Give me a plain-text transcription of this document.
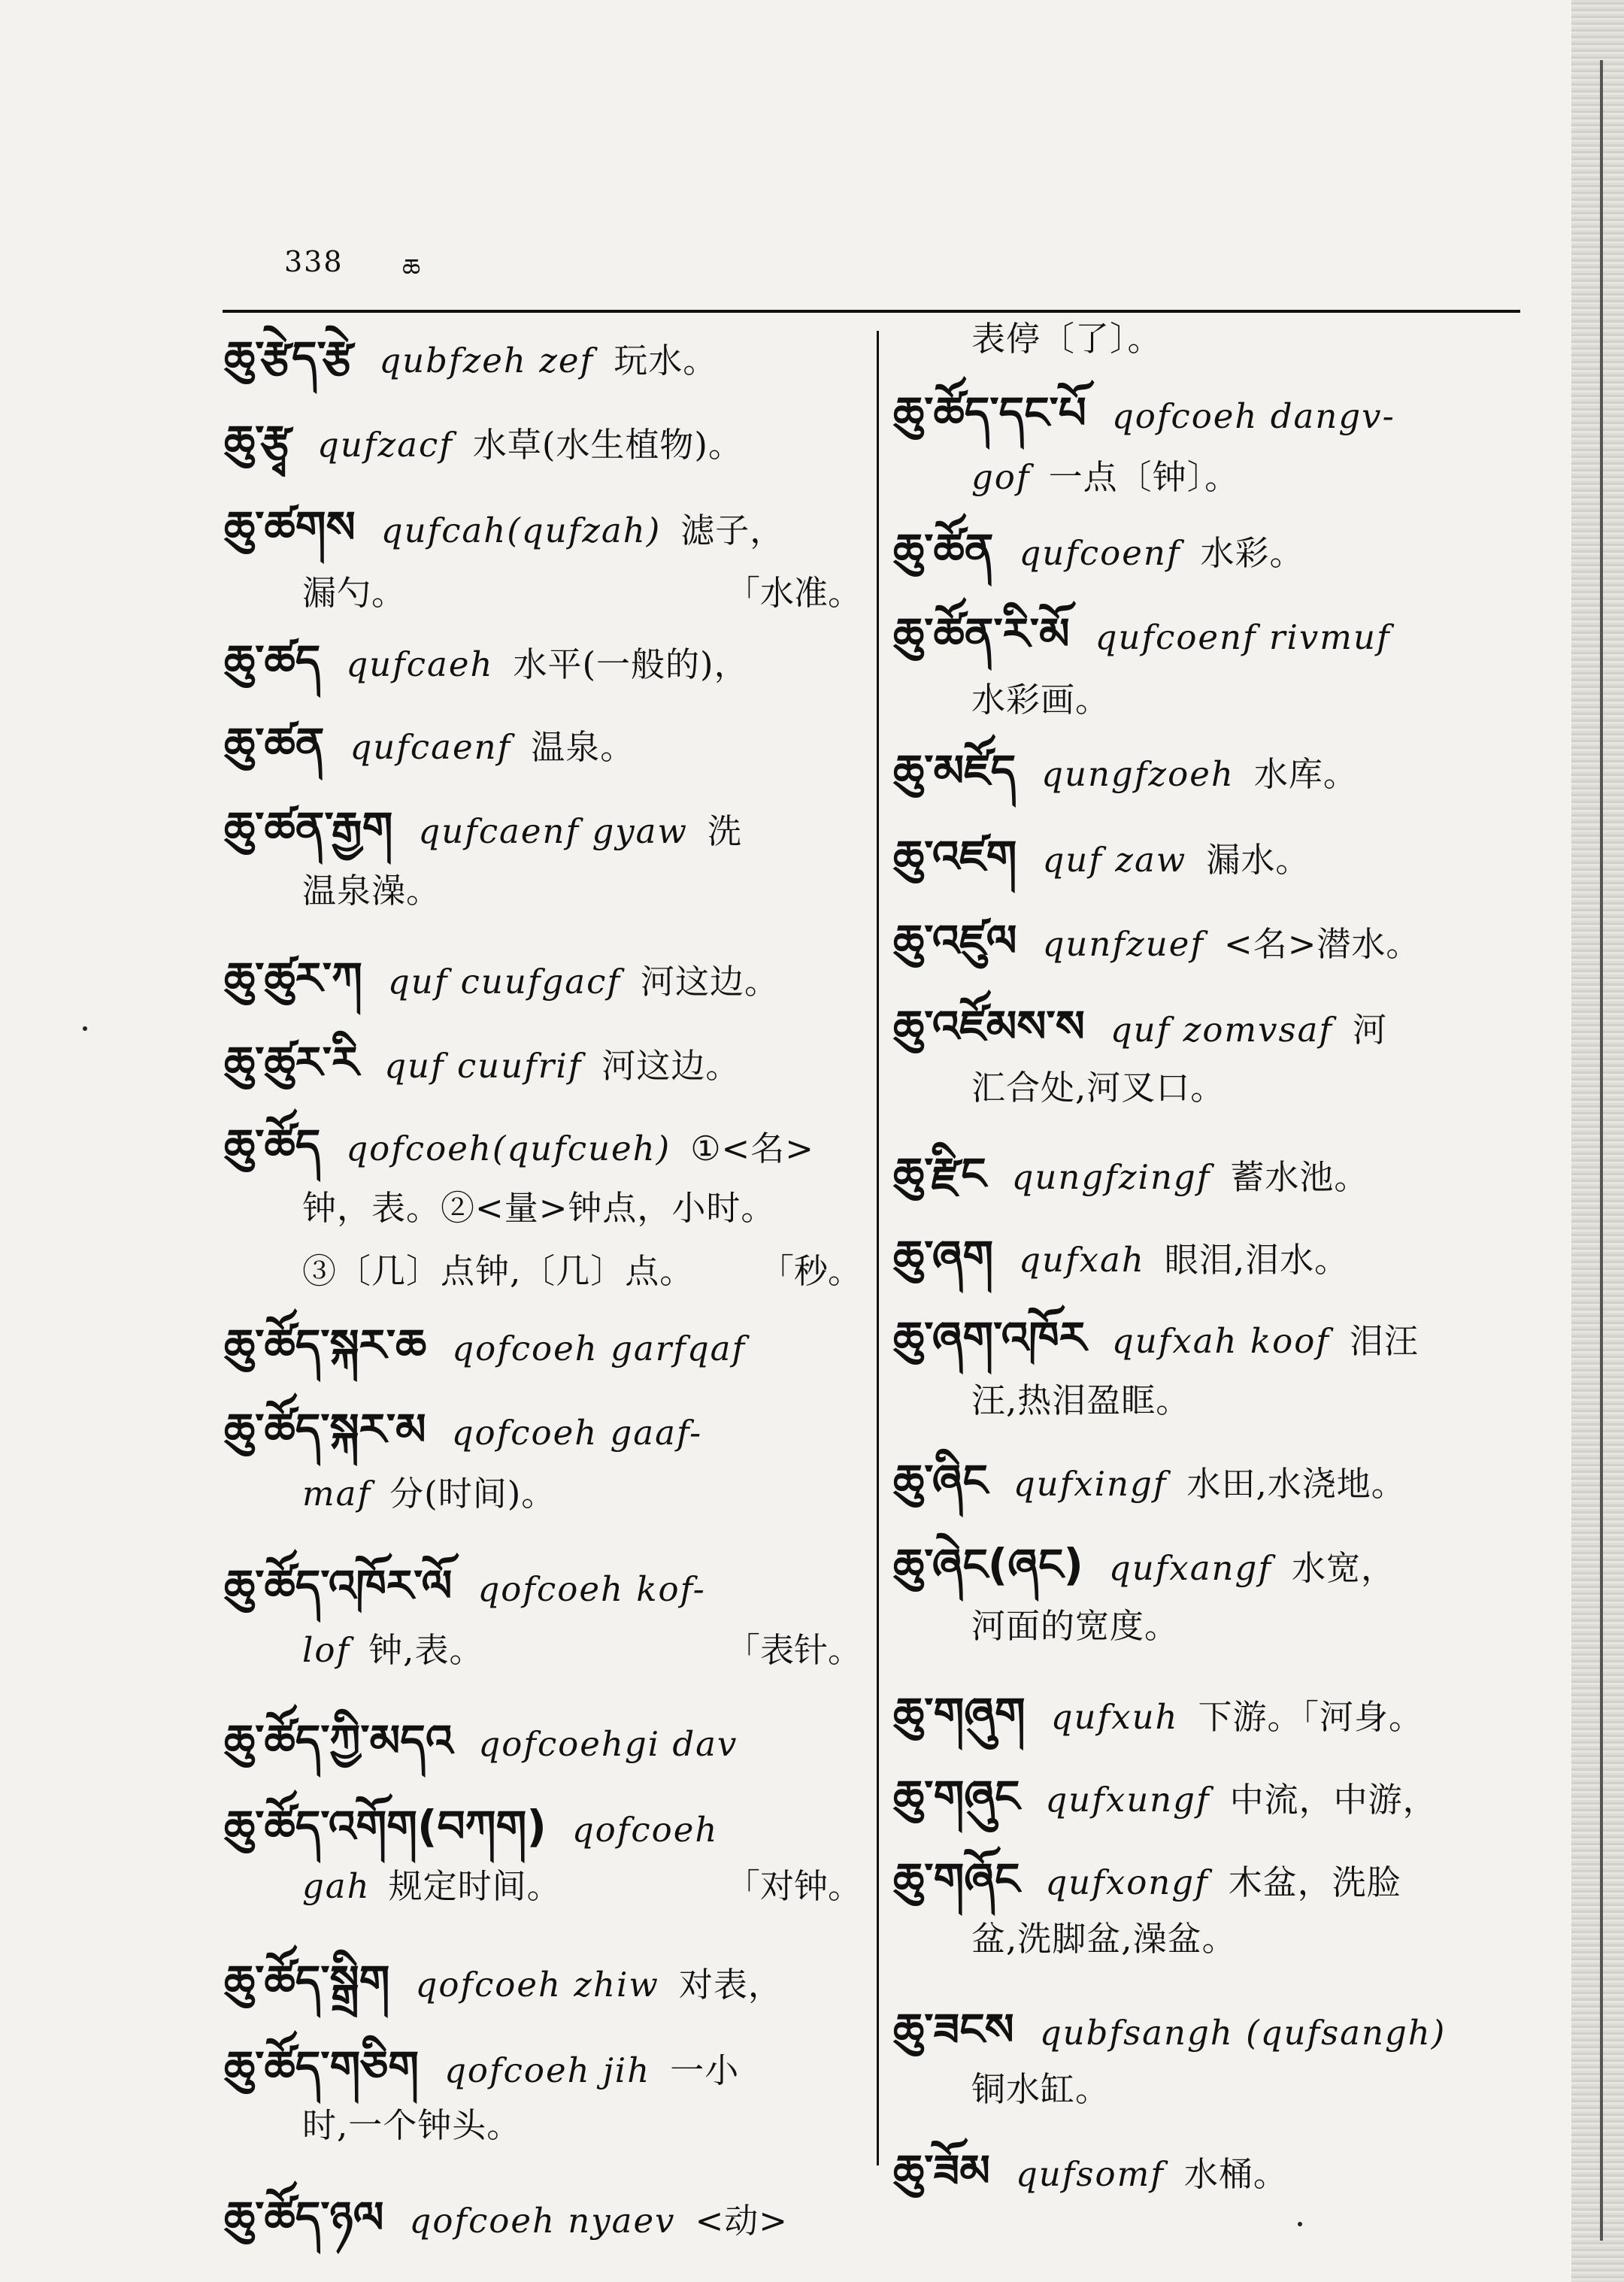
338 ཆ
ཆུ་རྩེད་རྩེ qubfzeh zef 玩水。
ཆུ་རྩྭ qufzacf 水草(水生植物)。
ཆུ་ཚགས qufcah(qufzah) 滤子，
漏勺。	「水准。
ཆུ་ཚད qufcaeh 水平(一般的)，
ཆུ་ཚན qufcaenf 温泉。
ཆུ་ཚན་རྒྱག qufcaenf gyaw 洗
温泉澡。
ཆུ་ཚུར་ཀ quf cuufgacf 河这边。
ཆུ་ཚུར་རི quf cuufrif 河这边。
ཆུ་ཚོད qofcoeh(qufcueh) ①<名>
钟，表。②<量>钟点，小时。
③〔几〕点钟,〔几〕点。 「秒。
ཆུ་ཚོད་སྐར་ཆ qofcoeh garfqaf
ཆུ་ཚོད་སྐར་མ qofcoeh gaaf-
maf 分(时间)。
ཆུ་ཚོད་འཁོར་ལོ qofcoeh kof-
lof 钟,表。	「表针。
ཆུ་ཚོད་ཀྱི་མདའ qofcoehgi dav
ཆུ་ཚོད་འགོག(བཀག) qofcoeh
gah 规定时间。	「对钟。
ཆུ་ཚོད་སྒྲིག qofcoeh zhiw 对表，
ཆུ་ཚོད་གཅིག qofcoeh jih 一小
时,一个钟头。
ཆུ་ཚོད་ཉལ qofcoeh nyaev <动>
表停〔了〕。
ཆུ་ཚོད་དང་པོ qofcoeh dangv-
gof 一点〔钟〕。
ཆུ་ཚོན qufcoenf 水彩。
ཆུ་ཚོན་རི་མོ qufcoenf rivmuf
水彩画。
ཆུ་མཛོད qungfzoeh 水库。
ཆུ་འཛག quf zaw 漏水。
ཆུ་འཛུལ qunfzuef <名>潜水。
ཆུ་འཛོམས་ས quf zomvsaf 河
汇合处,河叉口。
ཆུ་རྫིང qungfzingf 蓄水池。
ཆུ་ཞག qufxah 眼泪,泪水。
ཆུ་ཞག་འཁོར qufxah koof 泪汪
汪,热泪盈眶。
ཆུ་ཞིང qufxingf 水田,水浇地。
ཆུ་ཞེང(ཞང) qufxangf 水宽，
河面的宽度。
ཆུ་གཞུག qufxuh 下游。「河身。
ཆུ་གཞུང qufxungf 中流，中游，
ཆུ་གཞོང qufxongf 木盆，洗脸
盆,洗脚盆,澡盆。
ཆུ་ཟངས qubfsangh (qufsangh)
铜水缸。
ཆུ་ཟོམ qufsomf 水桶。
